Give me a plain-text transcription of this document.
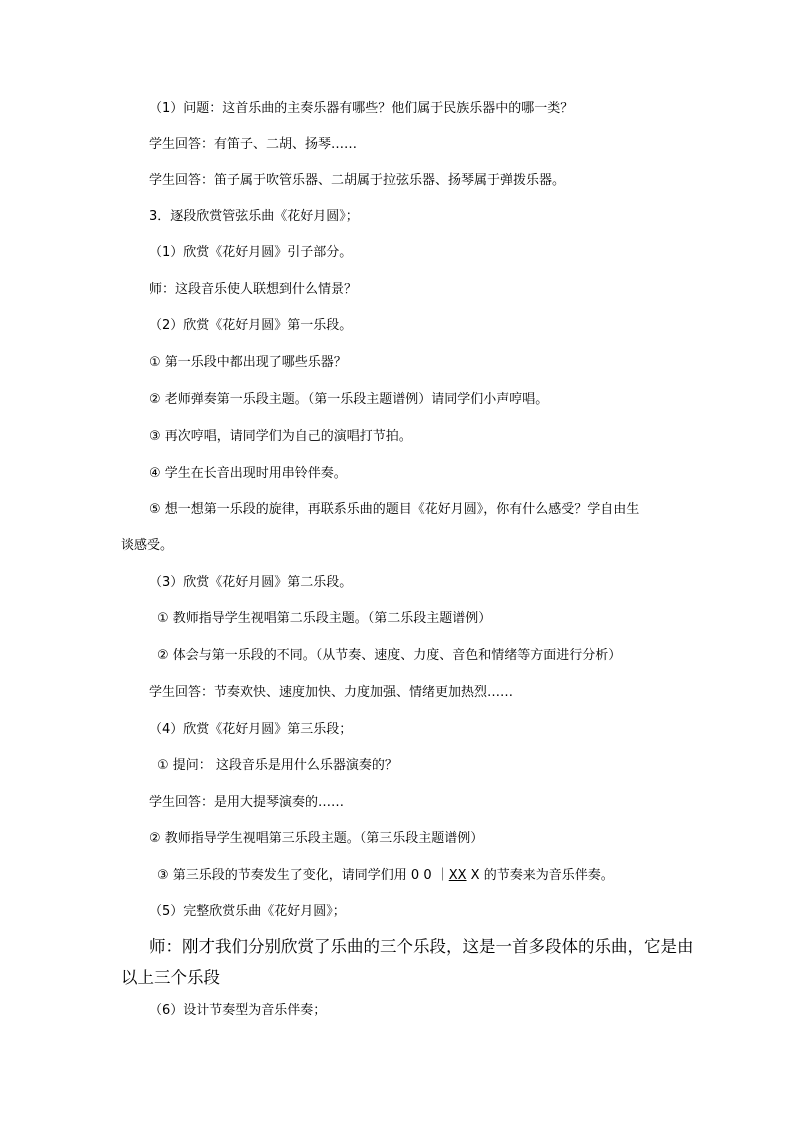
（1）问题：这首乐曲的主奏乐器有哪些？他们属于民族乐器中的哪一类？
学生回答：有笛子、二胡、扬琴……
学生回答：笛子属于吹管乐器、二胡属于拉弦乐器、扬琴属于弹拨乐器。
3．逐段欣赏管弦乐曲《花好月圆》；
（1）欣赏《花好月圆》引子部分。
师：这段音乐使人联想到什么情景？
（2）欣赏《花好月圆》第一乐段。
① 第一乐段中都出现了哪些乐器？
② 老师弹奏第一乐段主题。（第一乐段主题谱例）请同学们小声哼唱。
③ 再次哼唱，请同学们为自己的演唱打节拍。
④ 学生在长音出现时用串铃伴奏。
⑤ 想一想第一乐段的旋律，再联系乐曲的题目《花好月圆》，你有什么感受？学自由生
谈感受。
（3）欣赏《花好月圆》第二乐段。
① 教师指导学生视唱第二乐段主题。（第二乐段主题谱例）
② 体会与第一乐段的不同。（从节奏、速度、力度、音色和情绪等方面进行分析）
学生回答：节奏欢快、速度加快、力度加强、情绪更加热烈……
（4）欣赏《花好月圆》第三乐段；
① 提问： 这段音乐是用什么乐器演奏的？
学生回答：是用大提琴演奏的……
② 教师指导学生视唱第三乐段主题。（第三乐段主题谱例）
③ 第三乐段的节奏发生了变化，请同学们用 0 0 ｜XX X 的节奏来为音乐伴奏。
（5）完整欣赏乐曲《花好月圆》；
师：刚才我们分别欣赏了乐曲的三个乐段，这是一首多段体的乐曲，它是由
以上三个乐段
（6）设计节奏型为音乐伴奏；
